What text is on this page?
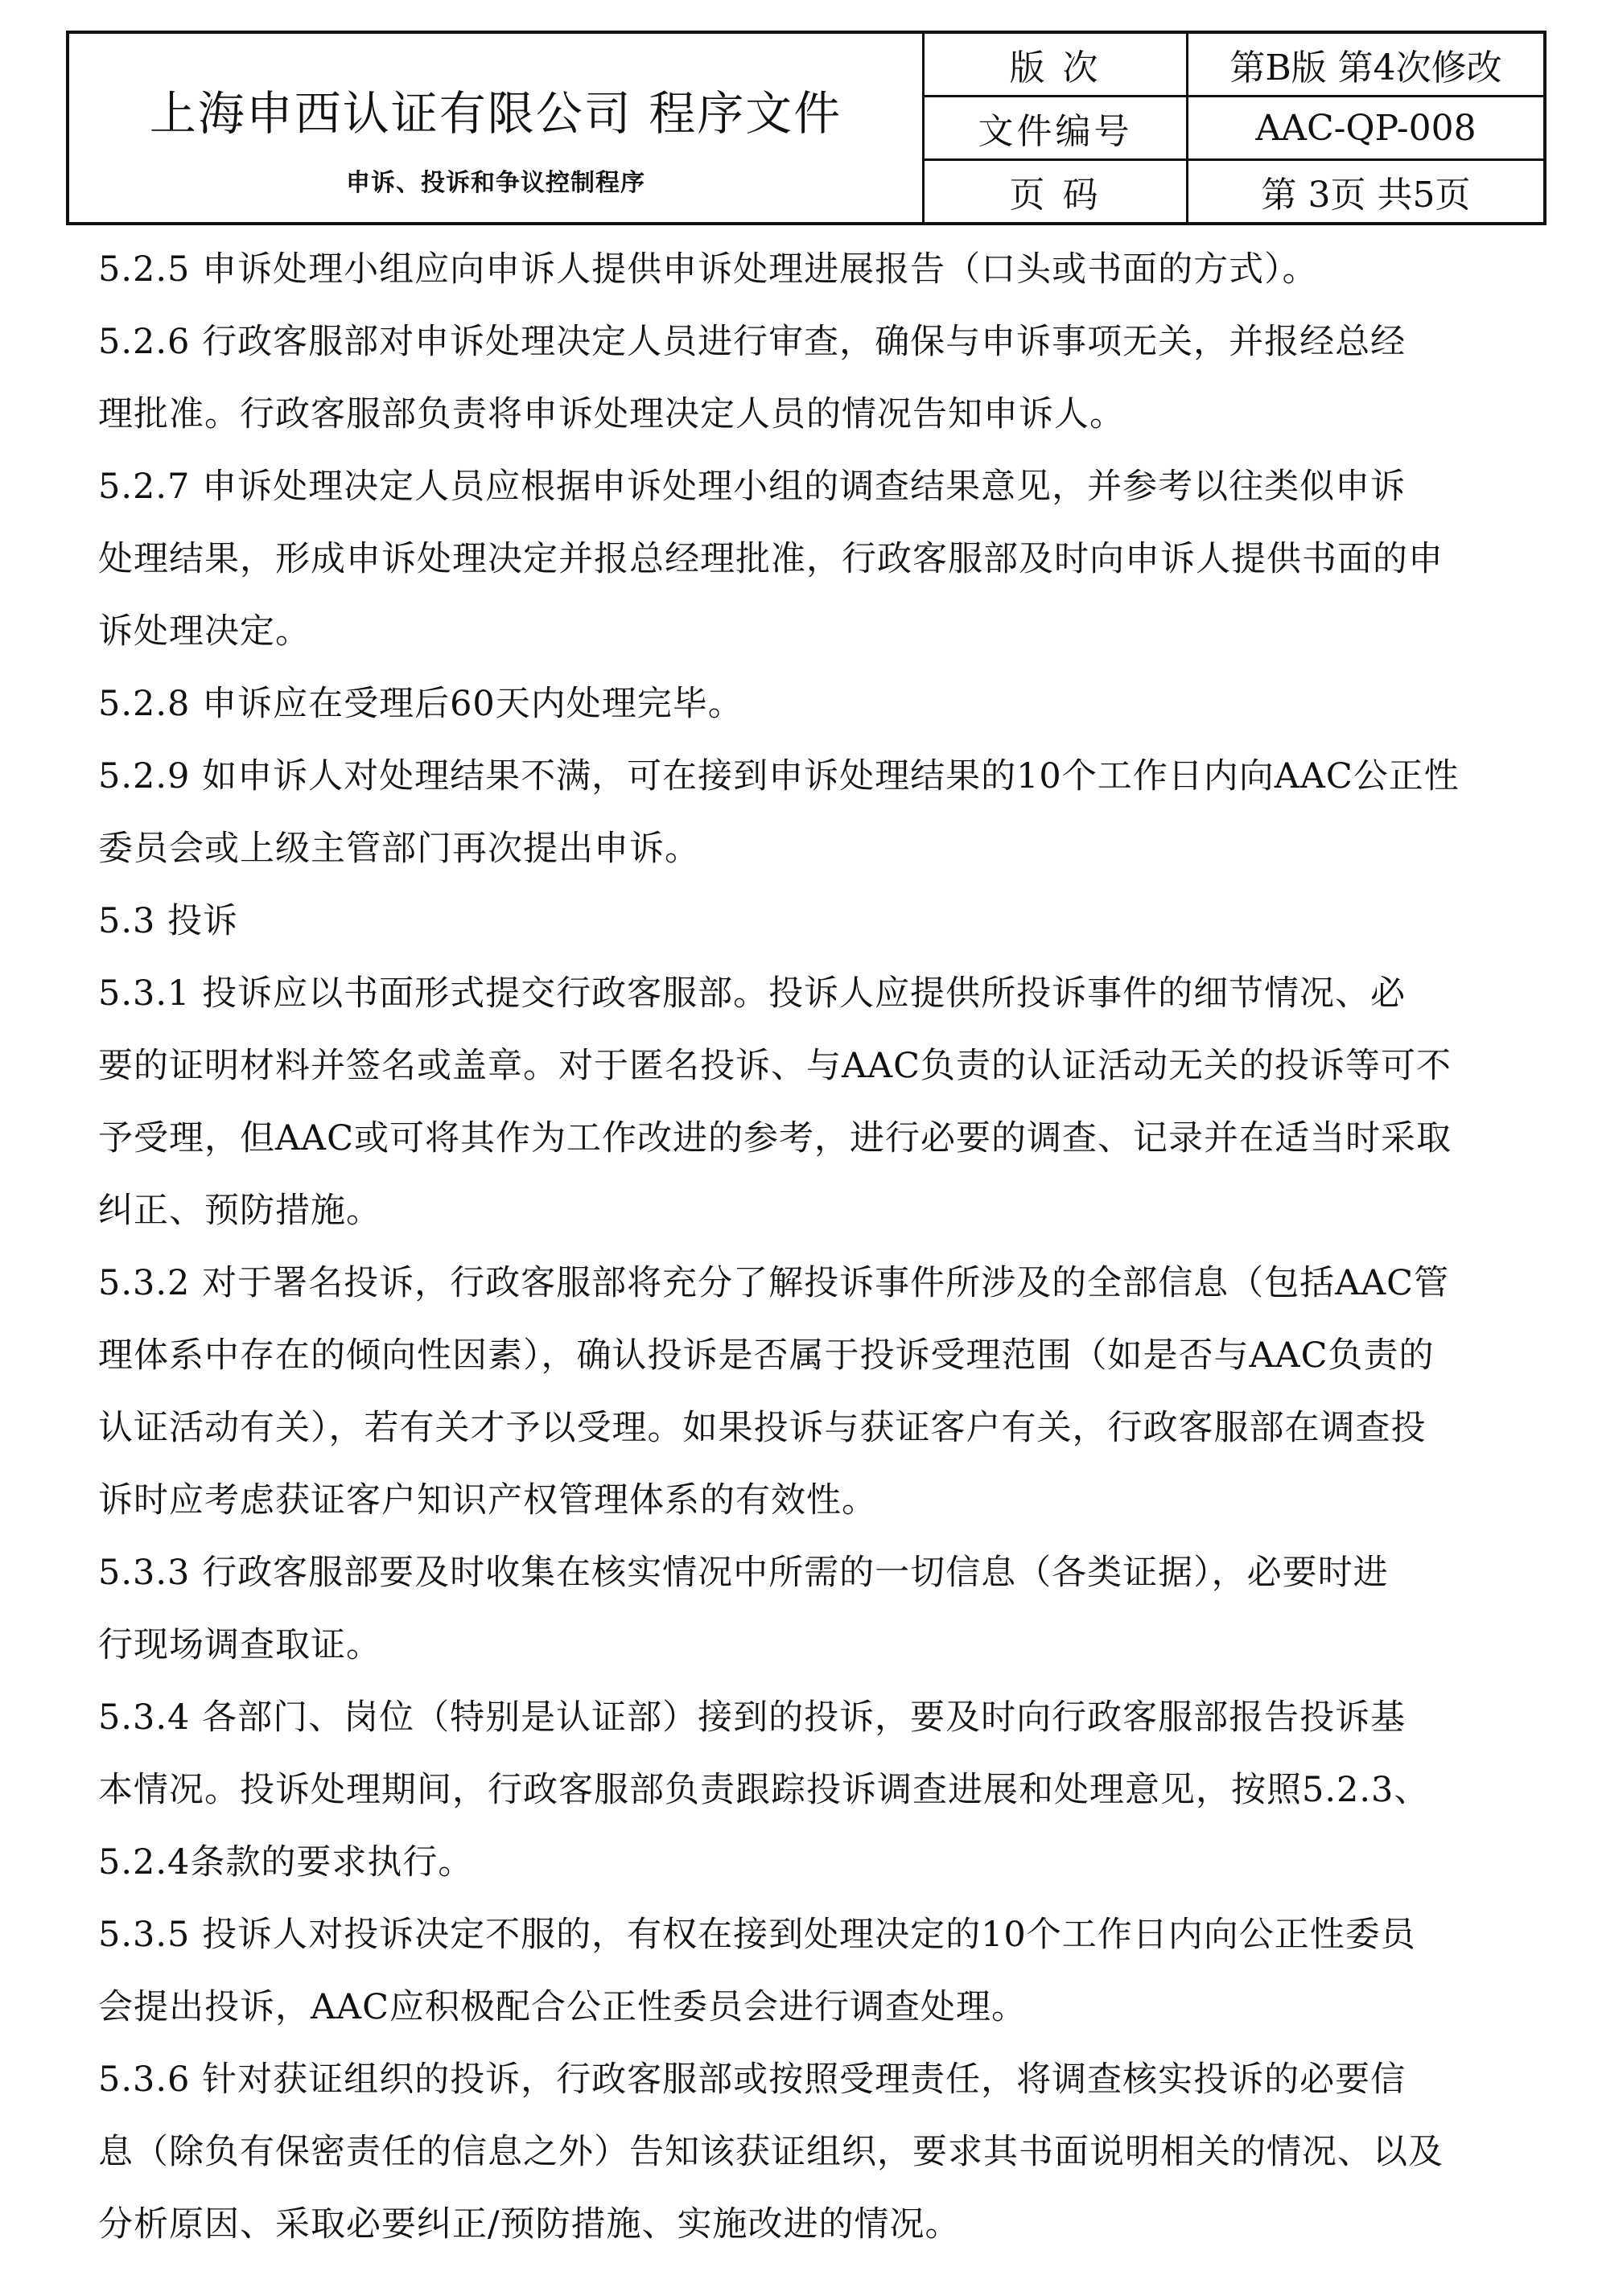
上海申西认证有限公司 程序文件
申诉、投诉和争议控制程序
版 次	第B版 第4次修改
文件编号	AAC-QP-008
页 码	第 3页 共5页
5.2.5 申诉处理小组应向申诉人提供申诉处理进展报告（口头或书面的方式）。
5.2.6 行政客服部对申诉处理决定人员进行审查，确保与申诉事项无关，并报经总经
理批准。行政客服部负责将申诉处理决定人员的情况告知申诉人。
5.2.7 申诉处理决定人员应根据申诉处理小组的调查结果意见，并参考以往类似申诉
处理结果，形成申诉处理决定并报总经理批准，行政客服部及时向申诉人提供书面的申
诉处理决定。
5.2.8 申诉应在受理后60天内处理完毕。
5.2.9 如申诉人对处理结果不满，可在接到申诉处理结果的10个工作日内向AAC公正性
委员会或上级主管部门再次提出申诉。
5.3 投诉
5.3.1 投诉应以书面形式提交行政客服部。投诉人应提供所投诉事件的细节情况、必
要的证明材料并签名或盖章。对于匿名投诉、与AAC负责的认证活动无关的投诉等可不
予受理，但AAC或可将其作为工作改进的参考，进行必要的调查、记录并在适当时采取
纠正、预防措施。
5.3.2 对于署名投诉，行政客服部将充分了解投诉事件所涉及的全部信息（包括AAC管
理体系中存在的倾向性因素），确认投诉是否属于投诉受理范围（如是否与AAC负责的
认证活动有关），若有关才予以受理。如果投诉与获证客户有关，行政客服部在调查投
诉时应考虑获证客户知识产权管理体系的有效性。
5.3.3 行政客服部要及时收集在核实情况中所需的一切信息（各类证据），必要时进
行现场调查取证。
5.3.4 各部门、岗位（特别是认证部）接到的投诉，要及时向行政客服部报告投诉基
本情况。投诉处理期间，行政客服部负责跟踪投诉调查进展和处理意见，按照5.2.3、
5.2.4条款的要求执行。
5.3.5 投诉人对投诉决定不服的，有权在接到处理决定的10个工作日内向公正性委员
会提出投诉，AAC应积极配合公正性委员会进行调查处理。
5.3.6 针对获证组织的投诉，行政客服部或按照受理责任，将调查核实投诉的必要信
息（除负有保密责任的信息之外）告知该获证组织，要求其书面说明相关的情况、以及
分析原因、采取必要纠正/预防措施、实施改进的情况。
